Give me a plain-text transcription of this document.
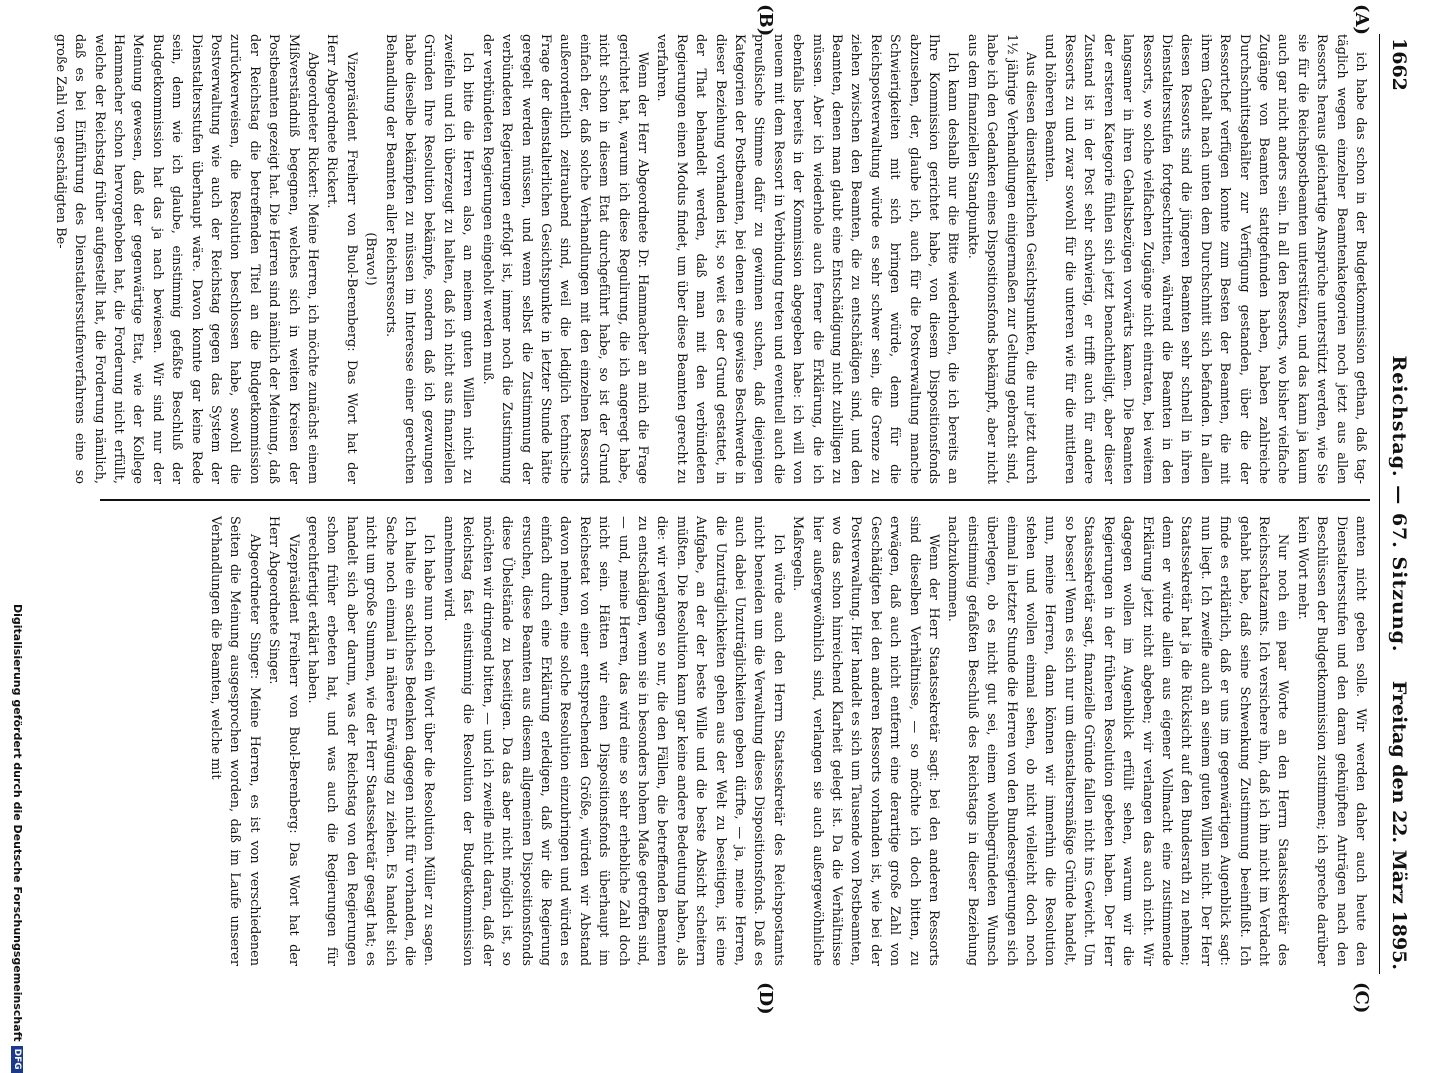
1662
Reichstag. — 67. Sitzung.
Freitag den 22. März 1895.
(A)
(B)
(C)
(D)

ich habe das schon in der Budgetkommission gethan, daß tag-täglich wegen einzelner Beamtenkategorien noch jetzt aus allen Ressorts heraus gleichartige Ansprüche unterstützt werden, wie Sie sie für die Reichspostbeamten unterstützen, und das kann ja kaum auch gar nicht anders sein. In all den Ressorts, wo bisher vielfache Zugänge von Beamten stattgefunden haben, haben zahlreiche Durchschnittsgehälter zur Verfügung gestanden, über die der Ressortchef verfügen konnte zum Besten der Beamten, die mit ihrem Gehalt nach unten dem Durchschnitt sich befanden. In allen diesen Ressorts sind die jüngeren Beamten sehr schnell in ihren Dienstaltersstufen fortgeschritten, während die Beamten in den Ressorts, wo solche vielfachen Zugänge nicht eintraten, bei weitem langsamer in ihren Gehaltsbezügen vorwärts kamen. Die Beamten der ersteren Kategorie fühlen sich jetzt benachtheiligt, aber dieser Zustand ist in der Post sehr schwierig, er trifft auch für andere Ressorts zu und zwar sowohl für die unteren wie für die mittleren und höheren Beamten.

Aus diesen dienstalterlichen Gesichtspunkten, die nur jetzt durch 1½ jährige Verhandlungen einigermaßen zur Geltung gebracht sind, habe ich den Gedanken eines Dispositionsfonds bekämpft, aber nicht aus dem finanziellen Standpunkte.

Ich kann deshalb nur die Bitte wiederholen, die ich bereits an Ihre Kommission gerichtet habe, von diesem Dispositionsfonds abzusehen, der, glaube ich, auch für die Postverwaltung manche Schwierigkeiten mit sich bringen würde, denn für die Reichspostverwaltung würde es sehr schwer sein, die Grenze zu ziehen zwischen den Beamten, die zu entschädigen sind, und den Beamten, denen man glaubt eine Entschädigung nicht zubilligen zu müssen. Aber ich wiederhole auch ferner die Erklärung, die ich ebenfalls bereits in der Kommission abgegeben habe: ich will von neuem mit dem Ressort in Verbindung treten und eventuell auch die preußische Stimme dafür zu gewinnen suchen, daß diejenigen Kategorien der Postbeamten, bei denen eine gewisse Beschwerde in dieser Beziehung vorhanden ist, so weit es der Grund gestattet, in der That behandelt werden, daß man mit den verbündeten Regierungen einen Modus findet, um über diese Beamten gerecht zu verfahren.

Wenn der Herr Abgeordnete Dr. Hammacher an mich die Frage gerichtet hat, warum ich diese Regulirung, die ich angeregt habe, nicht schon in diesem Etat durchgeführt habe, so ist der Grund einfach der, daß solche Verhandlungen mit den einzelnen Ressorts außerordentlich zeitraubend sind, weil die lediglich technische Frage der dienstalterlichen Gesichtspunkte in letzter Stunde hätte geregelt werden müssen, und wenn selbst die Zustimmung der verbündeten Regierungen erfolgt ist, immer noch die Zustimmung der verbündeten Regierungen eingeholt werden muß.

Ich bitte die Herren also, an meinem guten Willen nicht zu zweifeln und ich überzeugt zu halten, daß ich nicht aus finanziellen Gründen Ihre Resolution bekämpfe, sondern daß ich gezwungen habe dieselbe bekämpfen zu müssen im Interesse einer gerechten Behandlung der Beamten aller Reichsressorts.

(Bravo!)

Vizepräsident Freiherr von Buol-Berenberg: Das Wort hat der Herr Abgeordnete Rickert.

Abgeordneter Rickert: Meine Herren, ich möchte zunächst einem Mißverständniß begegnen, welches sich in weiten Kreisen der Postbeamten gezeigt hat. Die Herren sind nämlich der Meinung, daß der Reichstag die betreffenden Titel an die Budgetkommission zurückverweisen, die Resolution beschlossen habe, sowohl die Postverwaltung wie auch der Reichstag gegen das System der Dienstaltersstufen überhaupt wäre. Davon konnte gar keine Rede sein, denn wie ich glaube, einstimmig gefaßte Beschluß der Budgetkommission hat das ja nach bewiesen. Wir sind nur der Meinung gewesen, daß der gegenwärtige Etat, wie der Kollege Hammacher schon hervorgehoben hat, die Forderung nicht erfüllt, welche der Reichstag früher aufgestellt hat, die Forderung nämlich, daß es bei Einführung des Dienstaltersstufenverfahrens eine so große Zahl von geschädigten Be-

amten nicht geben solle. Wir werden daher auch heute den Dienstaltersstufen und den daran geknüpften Anträgen nach den Beschlüssen der Budgetkommission zustimmen; ich spreche darüber kein Wort mehr.

Nur noch ein paar Worte an den Herrn Staatssekretär des Reichsschatzamts. Ich versichere ihn, daß ich ihn nicht im Verdacht gehabt habe, daß seine Schwenkung Zustimmung beeinflußt. Ich finde es erklärlich, daß er uns im gegenwärtigen Augenblick sagt: nun liegt. Ich zweifle auch an seinem guten Willen nicht. Der Herr Staatssekretär hat ja die Rücksicht auf den Bundesrath zu nehmen; denn er würde allein aus eigener Vollmacht eine zustimmende Erklärung jetzt nicht abgeben; wir verlangen das auch nicht. Wir dagegen wollen im Augenblick erfüllt sehen, warum wir die Regierungen in der früheren Resolution gebeten haben. Der Herr Staatssekretär sagt, finanzielle Gründe fallen nicht ins Gewicht. Um so besser! Wenn es sich nur um dienstaltersmäßige Gründe handelt, nun, meine Herren, dann können wir immerhin die Resolution stehen und wollen einmal sehen, ob nicht vielleicht doch noch einmal in letzter Stunde die Herren von den Bundesregierungen sich überlegen, ob es nicht gut sei, einem wohlbegründeten Wunsch einstimmig gefaßten Beschluß des Reichstags in dieser Beziehung nachzukommen.

Wenn der Herr Staatssekretär sagt: bei den anderen Ressorts sind dieselben Verhältnisse, — so möchte ich doch bitten, zu erwägen, daß auch nicht entfernt eine derartige große Zahl von Geschädigten bei den anderen Ressorts vorhanden ist, wie bei der Postverwaltung. Hier handelt es sich um Tausende von Postbeamten, wo das schon hinreichend Klarheit gelegt ist. Da die Verhältnisse hier außergewöhnlich sind, verlangen sie auch außergewöhnliche Maßregeln.

Ich würde auch den Herrn Staatssekretär des Reichspostamts nicht beneiden um die Verwaltung dieses Dispositionsfonds. Daß es auch dabei Unzuträglichkeiten geben dürfte, — ja, meine Herren, die Unzuträglichkeiten gehen aus der Welt zu beseitigen, ist eine Aufgabe, an der der beste Wille und die beste Absicht scheitern müßten. Die Resolution kann gar keine andere Bedeutung haben, als die: wir verlangen so nur, die den Fällen, die betreffenden Beamten zu entschädigen, wenn sie in besonders hohem Maße getroffen sind, — und, meine Herren, das wird eine so sehr erhebliche Zahl doch nicht sein. Hätten wir einen Dispositionsfonds überhaupt im Reichsetat von einer entsprechenden Größe, würden wir Abstand davon nehmen, eine solche Resolution einzubringen und würden es einfach durch eine Erklärung erledigen, daß wir die Regierung ersuchen, diese Beamten aus diesem allgemeinen Dispositionsfonds diese Übelstände zu beseitigen. Da das aber nicht möglich ist, so möchten wir dringend bitten, — und ich zweifle nicht daran, daß der Reichstag fast einstimmig die Resolution der Budgetkommission annehmen wird.

Ich habe nun noch ein Wort über die Resolution Müller zu sagen. Ich halte ein sachliches Bedenken dagegen nicht für vorhanden, die Sache noch einmal in nähere Erwägung zu ziehen. Es handelt sich nicht um große Summen, wie der Herr Staatssekretär gesagt hat; es handelt sich aber darum, was der Reichstag von den Regierungen schon früher erbeten hat, und was auch die Regierungen für gerechtfertigt erklärt haben.

Vizepräsident Freiherr von Buol-Berenberg: Das Wort hat der Herr Abgeordnete Singer.

Abgeordneter Singer: Meine Herren, es ist von verschiedenen Seiten die Meinung ausgesprochen worden, daß im Laufe unserer Verhandlungen die Beamten, welche mit

Digitalisierung gefördert durch die Deutsche ForschungsgemeinschaftDFG
